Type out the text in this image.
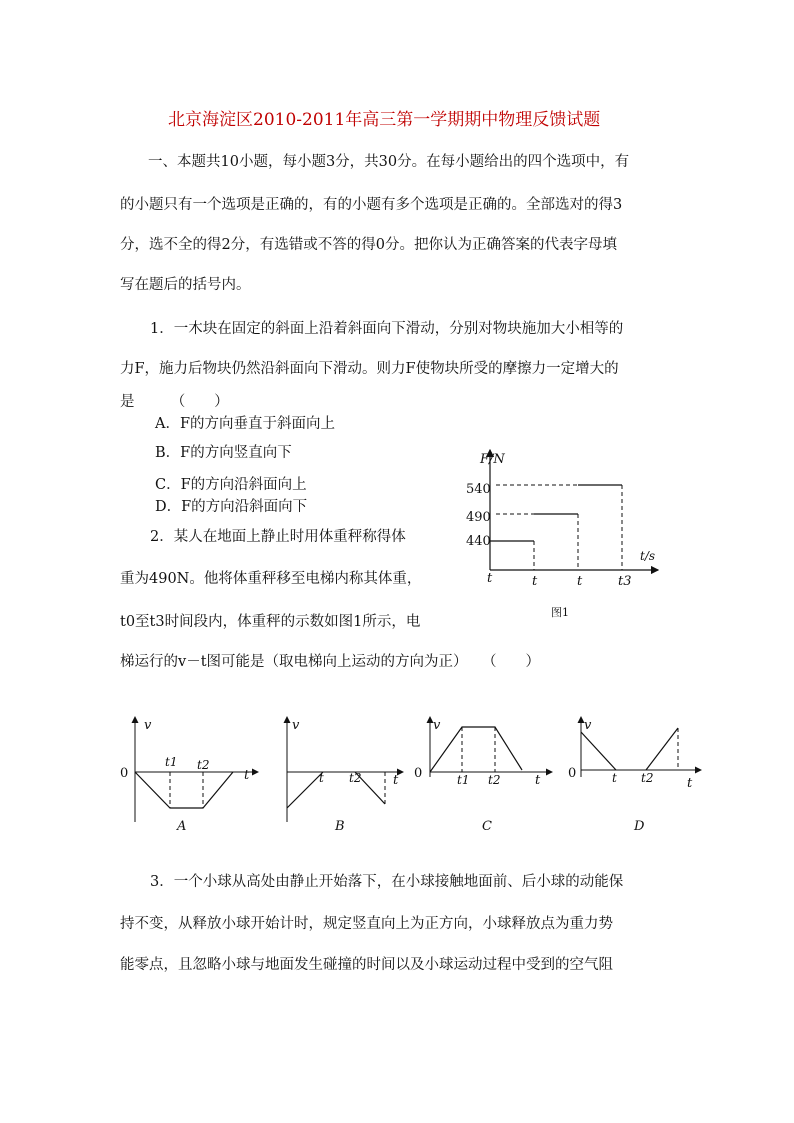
北京海淀区2010-2011年高三第一学期期中物理反馈试题
一、本题共10小题，每小题3分，共30分。在每小题给出的四个选项中，有
的小题只有一个选项是正确的，有的小题有多个选项是正确的。全部选对的得3
分，选不全的得2分，有选错或不答的得0分。把你认为正确答案的代表字母填
写在题后的括号内。
1．一木块在固定的斜面上沿着斜面向下滑动，分别对物块施加大小相等的
力F，施力后物块仍然沿斜面向下滑动。则力F使物块所受的摩擦力一定增大的
是　　　（　　）
A．F的方向垂直于斜面向上
B．F的方向竖直向下
C．F的方向沿斜面向上
D．F的方向沿斜面向下
2．某人在地面上静止时用体重秤称得体
重为490N。他将体重秤移至电梯内称其体重，
t0至t3时间段内，体重秤的示数如图1所示，电
梯运行的v－t图可能是（取电梯向上运动的方向为正）　　（　　）
F/N
t/s
540
490
440
t	t	t	t3
图1
v
0
t1 t2
t
A
v
t t2 t
B
v
0	t1 t2	t
C
v
0	t t2	t
D
3．一个小球从高处由静止开始落下，在小球接触地面前、后小球的动能保
持不变，从释放小球开始计时，规定竖直向上为正方向，小球释放点为重力势
能零点，且忽略小球与地面发生碰撞的时间以及小球运动过程中受到的空气阻
